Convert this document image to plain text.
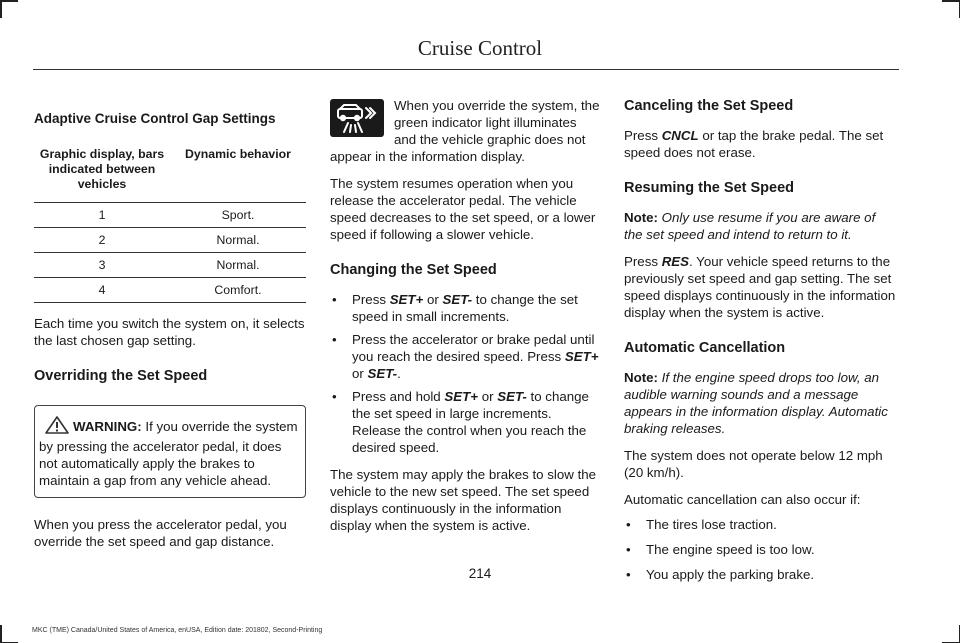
Cruise Control

Adaptive Cruise Control Gap Settings

Graphic display, bars indicated between vehicles	Dynamic behavior
1	Sport.
2	Normal.
3	Normal.
4	Comfort.

Each time you switch the system on, it selects the last chosen gap setting.

Overriding the Set Speed

WARNING: If you override the system by pressing the accelerator pedal, it does not automatically apply the brakes to maintain a gap from any vehicle ahead.

When you press the accelerator pedal, you override the set speed and gap distance.

When you override the system, the green indicator light illuminates and the vehicle graphic does not appear in the information display.

The system resumes operation when you release the accelerator pedal. The vehicle speed decreases to the set speed, or a lower speed if following a slower vehicle.

Changing the Set Speed

• Press SET+ or SET- to change the set speed in small increments.
• Press the accelerator or brake pedal until you reach the desired speed. Press SET+ or SET-.
• Press and hold SET+ or SET- to change the set speed in large increments. Release the control when you reach the desired speed.

The system may apply the brakes to slow the vehicle to the new set speed. The set speed displays continuously in the information display when the system is active.

Canceling the Set Speed

Press CNCL or tap the brake pedal. The set speed does not erase.

Resuming the Set Speed

Note: Only use resume if you are aware of the set speed and intend to return to it.

Press RES. Your vehicle speed returns to the previously set speed and gap setting. The set speed displays continuously in the information display when the system is active.

Automatic Cancellation

Note: If the engine speed drops too low, an audible warning sounds and a message appears in the information display. Automatic braking releases.

The system does not operate below 12 mph (20 km/h).

Automatic cancellation can also occur if:

• The tires lose traction.
• The engine speed is too low.
• You apply the parking brake.
214
MKC (TME) Canada/United States of America, enUSA, Edition date: 201802, Second-Printing
